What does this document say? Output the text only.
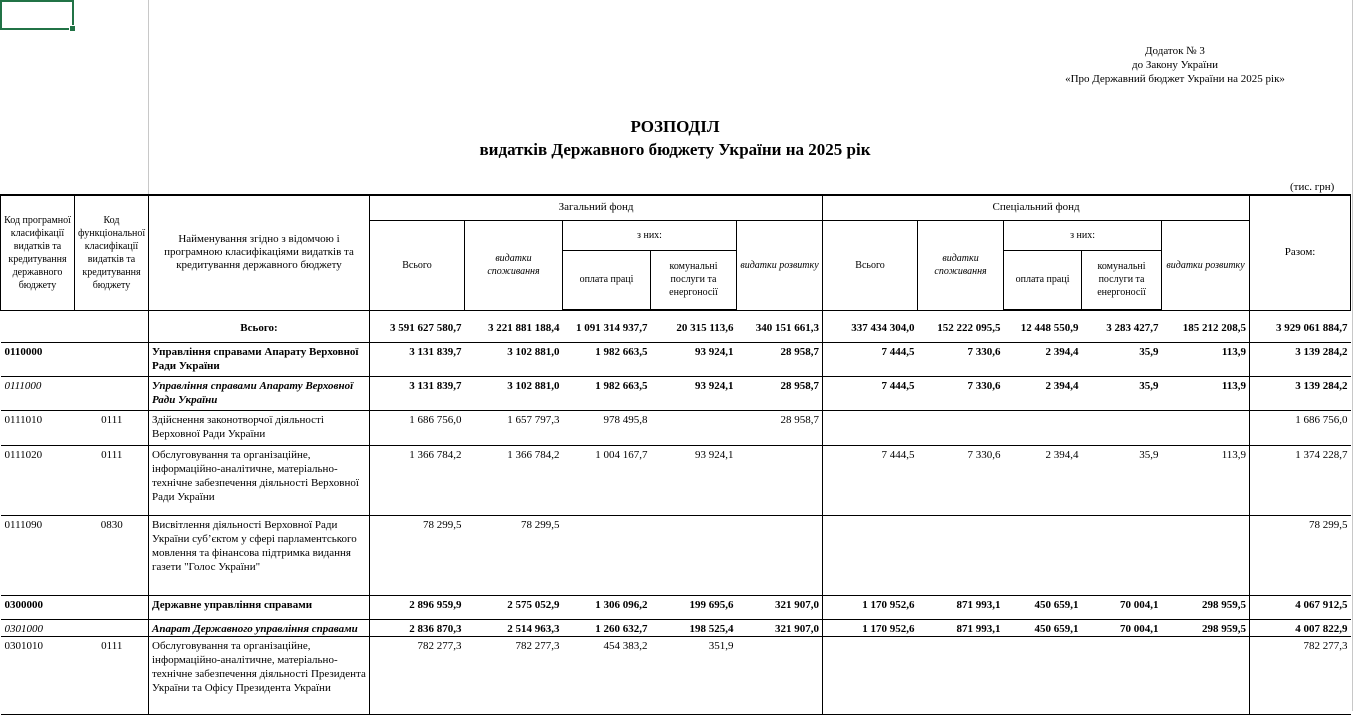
Додаток № 3
до Закону України
«Про Державний бюджет України на 2025 рік»
РОЗПОДІЛ
видатків Державного бюджету України на 2025 рік
(тис. грн)
Код програмної класифікації видатків та кредитування державного бюджету	Код функціональної класифікації видатків та кредитування бюджету	Найменування згідно з відомчою і програмною класифікаціями видатків та кредитування державного бюджету	Загальний фонд					Спеціальний фонд					Разом:
			Всього	видатки споживання	з них:		видатки розвитку	Всього	видатки споживання	з них:		видатки розвитку	
					оплата праці	комунальні послуги та енергоносії				оплата праці	комунальні послуги та енергоносії		
		Всього:	3 591 627 580,7	3 221 881 188,4	1 091 314 937,7	20 315 113,6	340 151 661,3	337 434 304,0	152 222 095,5	12 448 550,9	3 283 427,7	185 212 208,5	3 929 061 884,7
0110000		Управління справами Апарату Верховної Ради України	3 131 839,7	3 102 881,0	1 982 663,5	93 924,1	28 958,7	7 444,5	7 330,6	2 394,4	35,9	113,9	3 139 284,2
0111000		Управління справами Апарату Верховної Ради України	3 131 839,7	3 102 881,0	1 982 663,5	93 924,1	28 958,7	7 444,5	7 330,6	2 394,4	35,9	113,9	3 139 284,2
0111010	0111	Здійснення законотворчої діяльності Верховної Ради України	1 686 756,0	1 657 797,3	978 495,8		28 958,7						1 686 756,0
0111020	0111	Обслуговування та організаційне, інформаційно-аналітичне, матеріально-технічне забезпечення діяльності Верховної Ради України	1 366 784,2	1 366 784,2	1 004 167,7	93 924,1		7 444,5	7 330,6	2 394,4	35,9	113,9	1 374 228,7
0111090	0830	Висвітлення діяльності Верховної Ради України суб’єктом у сфері парламентського мовлення та фінансова підтримка видання газети "Голос України"	78 299,5	78 299,5									78 299,5
0300000		Державне управління справами	2 896 959,9	2 575 052,9	1 306 096,2	199 695,6	321 907,0	1 170 952,6	871 993,1	450 659,1	70 004,1	298 959,5	4 067 912,5
0301000		Апарат Державного управління справами	2 836 870,3	2 514 963,3	1 260 632,7	198 525,4	321 907,0	1 170 952,6	871 993,1	450 659,1	70 004,1	298 959,5	4 007 822,9
0301010	0111	Обслуговування та організаційне, інформаційно-аналітичне, матеріально-технічне забезпечення діяльності Президента України та Офісу Президента України	782 277,3	782 277,3	454 383,2	351,9							782 277,3
